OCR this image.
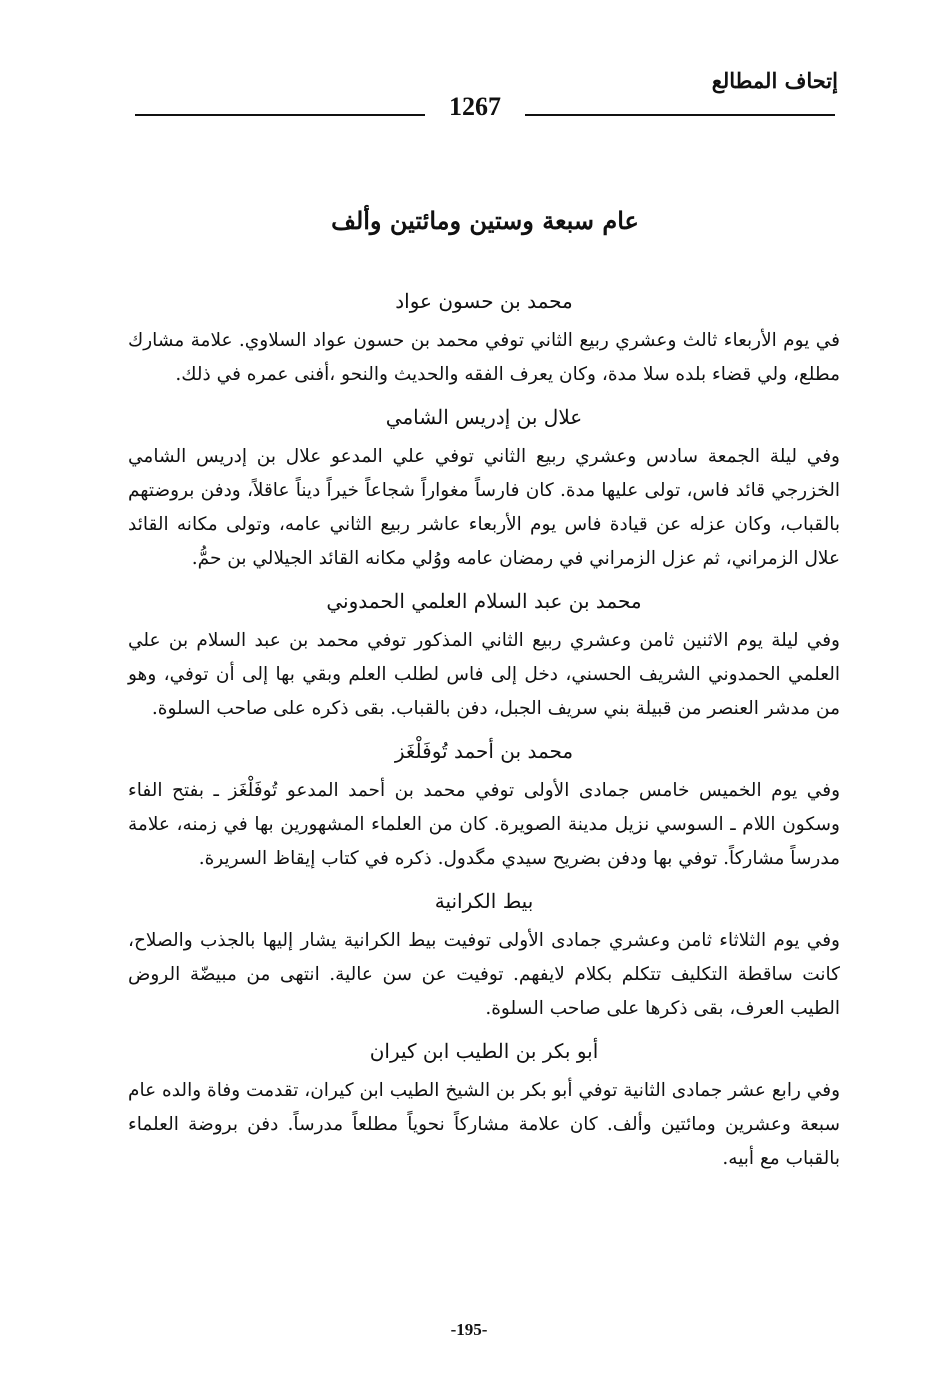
إتحاف المطالع

1267

عام سبعة وستين ومائتين وألف
محمد بن حسون عواد

في يوم الأربعاء ثالث وعشري ربيع الثاني توفي محمد بن حسون عواد السلاوي. علامة مشارك مطلع، ولي قضاء بلده سلا مدة، وكان يعرف الفقه والحديث والنحو ،أفنى عمره في ذلك.

علال بن إدريس الشامي

وفي ليلة الجمعة سادس وعشري ربيع الثاني توفي علي المدعو علال بن إدريس الشامي الخزرجي قائد فاس، تولى عليها مدة. كان فارساً مغواراً شجاعاً خيراً ديناً عاقلاً، ودفن بروضتهم بالقباب، وكان عزله عن قيادة فاس يوم الأربعاء عاشر ربيع الثاني عامه، وتولى مكانه القائد علال الزمراني، ثم عزل الزمراني في رمضان عامه ووُلي مكانه القائد الجيلالي بن حمُّ.

محمد بن عبد السلام العلمي الحمدوني

وفي ليلة يوم الاثنين ثامن وعشري ربيع الثاني المذكور توفي محمد بن عبد السلام بن علي العلمي الحمدوني الشريف الحسني، دخل إلى فاس لطلب العلم وبقي بها إلى أن توفي، وهو من مدشر العنصر من قبيلة بني سريف الجبل، دفن بالقباب. بقى ذكره على صاحب السلوة.

محمد بن أحمد تُوفَلْغَز

وفي يوم الخميس خامس جمادى الأولى توفي محمد بن أحمد المدعو تُوفَلْغَز ـ بفتح الفاء وسكون اللام ـ السوسي نزيل مدينة الصويرة. كان من العلماء المشهورين بها في زمنه، علامة مدرساً مشاركاً. توفي بها ودفن بضريح سيدي مگدول. ذكره في كتاب إيقاظ السريرة.

بيط الكرانية

وفي يوم الثلاثاء ثامن وعشري جمادى الأولى توفيت بيط الكرانية يشار إليها بالجذب والصلاح، كانت ساقطة التكليف تتكلم بكلام لايفهم. توفيت عن سن عالية. انتهى من مبيضّة الروض الطيب العرف، بقى ذكرها على صاحب السلوة.

أبو بكر بن الطيب ابن كيران

وفي رابع عشر جمادى الثانية توفي أبو بكر بن الشيخ الطيب ابن كيران، تقدمت وفاة والده عام سبعة وعشرين ومائتين وألف. كان علامة مشاركاً نحوياً مطلعاً مدرساً. دفن بروضة العلماء بالقباب مع أبيه.

-195-
